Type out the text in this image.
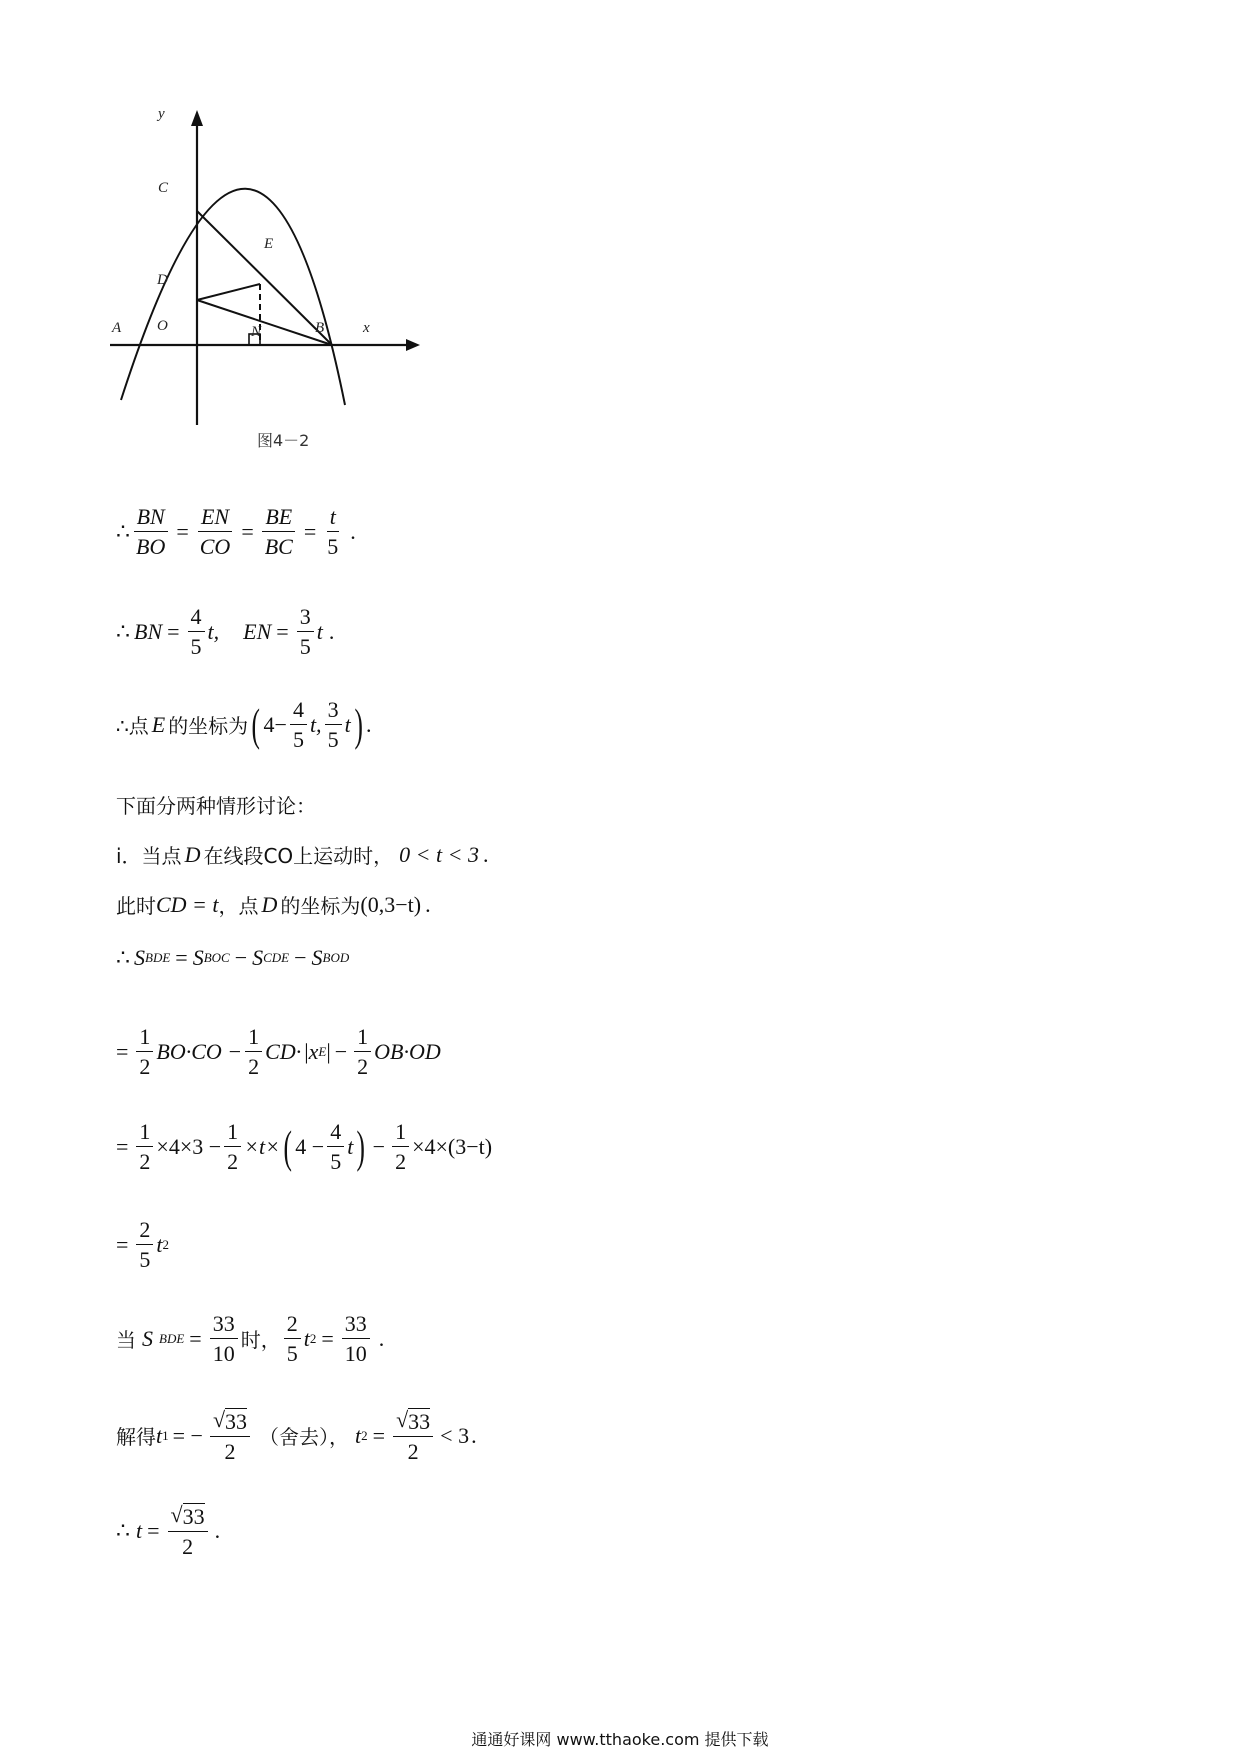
y
C
E
D
A O	N	B	x
图4－2
∴ $\frac{BN}{BO} = \frac{EN}{CO} = \frac{BE}{BC} = \frac{t}{5}$ .
∴ BN = $\frac{4}{5} t$, EN = $\frac{3}{5}$ t .
∴点 E 的坐标为 ( $4- \frac{4}{5} t$, $\frac{3}{5}$ t ) .
下面分两种情形讨论：
i．当点 D 在线段CO上运动时， 0 < t < 3 .
此时 CD = t ，点 D 的坐标为 (0,3−t) .
∴ S BDE = S BOC − S CDE − S BOD
= $\frac{1}{2} BO\cdot CO - \frac{1}{2} CD\cdot$ | x E | − $\frac{1}{2} OB\cdot OD$
= $\frac{1}{2} \times 4\times 3 - \frac{1}{2} \times t\times$ ( $4 - \frac{4}{5}$ t ) − $\frac{1}{2} \times 4\times(3-t)$
= $\frac{2}{5}$ t 2
当 S BDE = $\frac{33}{10}$ 时， $\frac{2}{5}$ t $2 = \frac{33}{10}$ .
解得 t 1 = − $\frac{√ 33}{2}$ （舍去）， t $2 = \frac{√ 33}{2} < 3$ .
∴ $t = \frac{√ 33}{2}$ .
通通好课网 www.tthaoke.com 提供下载
